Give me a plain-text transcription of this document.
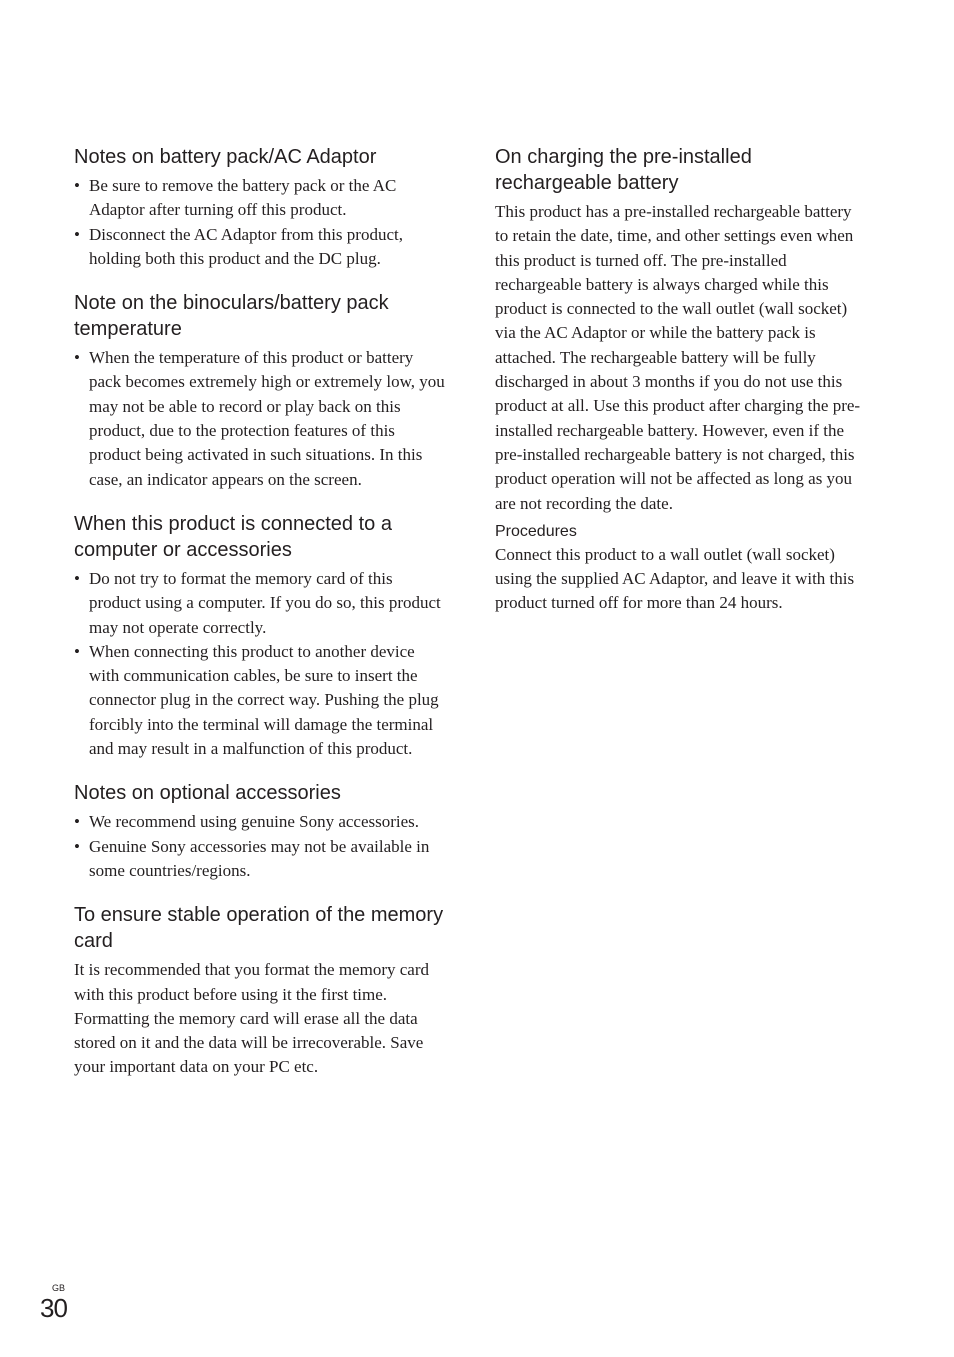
Notes on battery pack/AC Adaptor
• Be sure to remove the battery pack or the AC Adaptor after turning off this product.
• Disconnect the AC Adaptor from this product, holding both this product and the DC plug.
Note on the binoculars/battery pack temperature
• When the temperature of this product or battery pack becomes extremely high or extremely low, you may not be able to record or play back on this product, due to the protection features of this product being activated in such situations. In this case, an indicator appears on the screen.
When this product is connected to a computer or accessories
• Do not try to format the memory card of this product using a computer. If you do so, this product may not operate correctly.
• When connecting this product to another device with communication cables, be sure to insert the connector plug in the correct way. Pushing the plug forcibly into the terminal will damage the terminal and may result in a malfunction of this product.
Notes on optional accessories
• We recommend using genuine Sony accessories.
• Genuine Sony accessories may not be available in some countries/regions.
To ensure stable operation of the memory card

It is recommended that you format the memory card with this product before using it the first time. Formatting the memory card will erase all the data stored on it and the data will be irrecoverable. Save your important data on your PC etc.

On charging the pre-installed rechargeable battery

This product has a pre-installed rechargeable battery to retain the date, time, and other settings even when this product is turned off. The pre-installed rechargeable battery is always charged while this product is connected to the wall outlet (wall socket) via the AC Adaptor or while the battery pack is attached. The rechargeable battery will be fully discharged in about 3 months if you do not use this product at all. Use this product after charging the pre-installed rechargeable battery. However, even if the pre-installed rechargeable battery is not charged, this product operation will not be affected as long as you are not recording the date.

Procedures

Connect this product to a wall outlet (wall socket) using the supplied AC Adaptor, and leave it with this product turned off for more than 24 hours.

GB
30
